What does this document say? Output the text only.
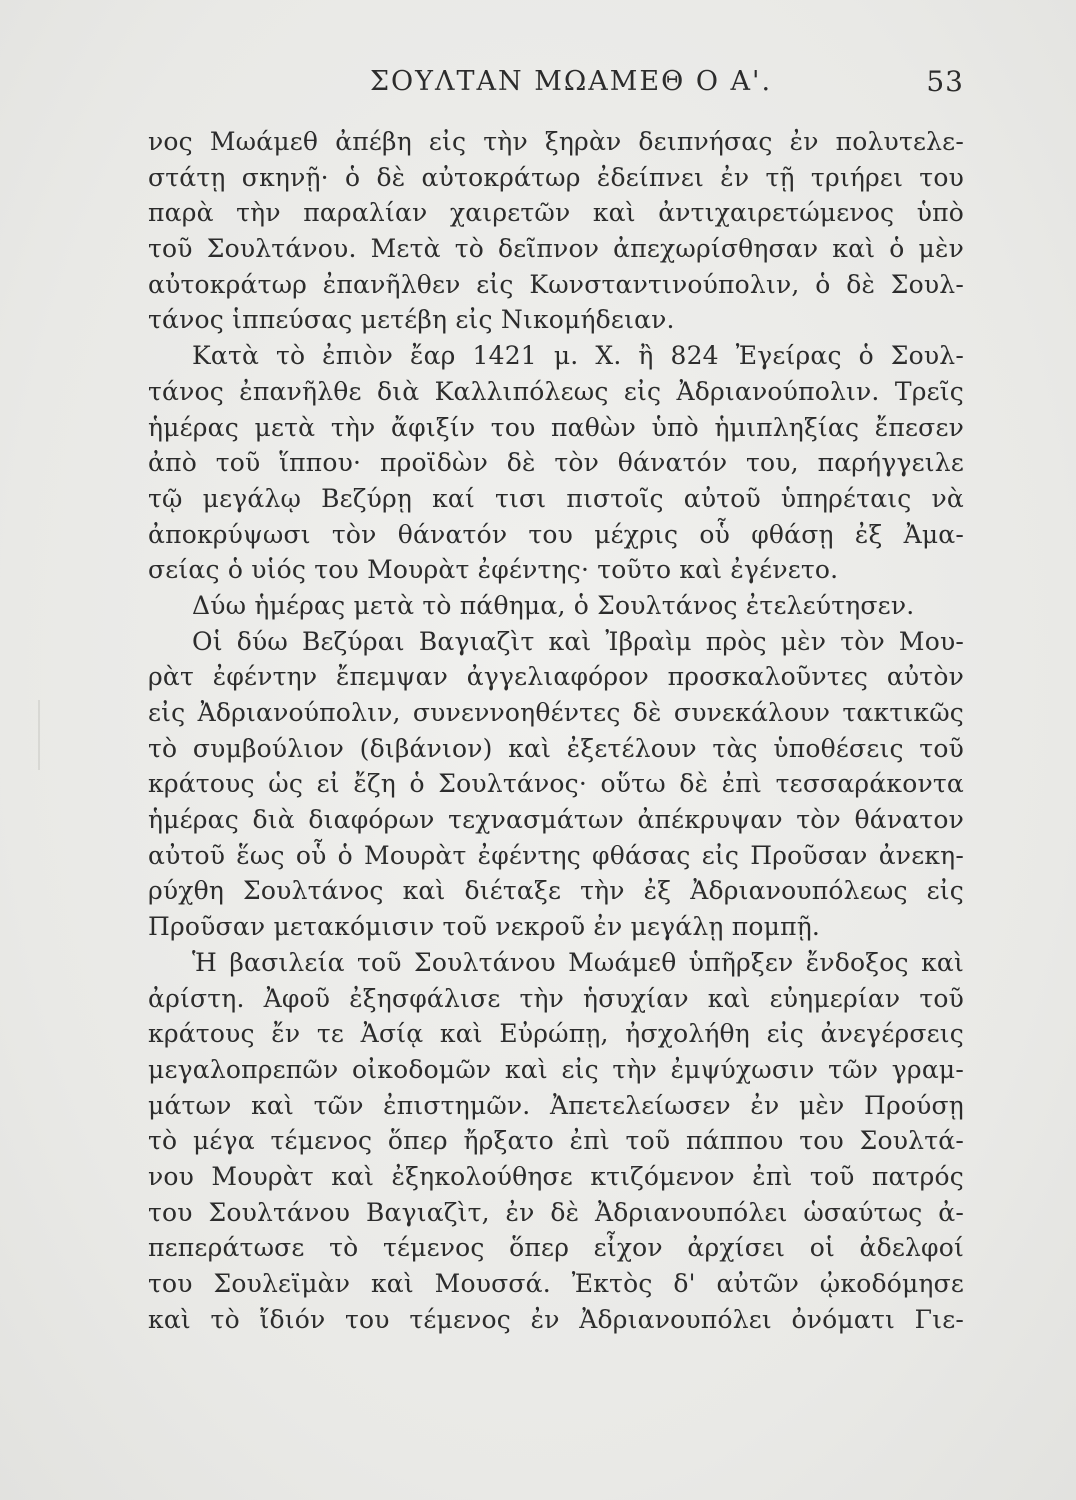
ΣΟΥΛΤΑΝ ΜΩΑΜΕΘ Ο Α'.	53
νος Μωάμεθ ἀπέβη εἰς τὴν ξηρὰν δειπνήσας ἐν πολυτελε-
στάτῃ σκηνῇ· ὁ δὲ αὐτοκράτωρ ἐδείπνει ἐν τῇ τριήρει του
παρὰ τὴν παραλίαν χαιρετῶν καὶ ἀντιχαιρετώμενος ὑπὸ
τοῦ Σουλτάνου. Μετὰ τὸ δεῖπνον ἀπεχωρίσθησαν καὶ ὁ μὲν
αὐτοκράτωρ ἐπανῆλθεν εἰς Κωνσταντινούπολιν, ὁ δὲ Σουλ-
τάνος ἱππεύσας μετέβη εἰς Νικομήδειαν.
Κατὰ τὸ ἐπιὸν ἔαρ 1421 μ. Χ. ἢ 824 Ἐγείρας ὁ Σουλ-
τάνος ἐπανῆλθε διὰ Καλλιπόλεως εἰς Ἀδριανούπολιν. Τρεῖς
ἡμέρας μετὰ τὴν ἄφιξίν του παθὼν ὑπὸ ἡμιπληξίας ἔπεσεν
ἀπὸ τοῦ ἵππου· προϊδὼν δὲ τὸν θάνατόν του, παρήγγειλε
τῷ μεγάλῳ Βεζύρῃ καί τισι πιστοῖς αὐτοῦ ὑπηρέταις νὰ
ἀποκρύψωσι τὸν θάνατόν του μέχρις οὗ φθάσῃ ἐξ Ἀμα-
σείας ὁ υἱός του Μουρὰτ ἐφέντης· τοῦτο καὶ ἐγένετο.
Δύω ἡμέρας μετὰ τὸ πάθημα, ὁ Σουλτάνος ἐτελεύτησεν.
Οἱ δύω Βεζύραι Βαγιαζὶτ καὶ Ἰβραὶμ πρὸς μὲν τὸν Μου-
ρὰτ ἐφέντην ἔπεμψαν ἀγγελιαφόρον προσκαλοῦντες αὐτὸν
εἰς Ἀδριανούπολιν, συνεννοηθέντες δὲ συνεκάλουν τακτικῶς
τὸ συμβούλιον (διβάνιον) καὶ ἐξετέλουν τὰς ὑποθέσεις τοῦ
κράτους ὡς εἰ ἔζη ὁ Σουλτάνος· οὕτω δὲ ἐπὶ τεσσαράκοντα
ἡμέρας διὰ διαφόρων τεχνασμάτων ἀπέκρυψαν τὸν θάνατον
αὐτοῦ ἕως οὗ ὁ Μουρὰτ ἐφέντης φθάσας εἰς Προῦσαν ἀνεκη-
ρύχθη Σουλτάνος καὶ διέταξε τὴν ἐξ Ἀδριανουπόλεως εἰς
Προῦσαν μετακόμισιν τοῦ νεκροῦ ἐν μεγάλῃ πομπῇ.
Ἡ βασιλεία τοῦ Σουλτάνου Μωάμεθ ὑπῆρξεν ἔνδοξος καὶ
ἀρίστη. Ἀφοῦ ἐξησφάλισε τὴν ἡσυχίαν καὶ εὐημερίαν τοῦ
κράτους ἔν τε Ἀσίᾳ καὶ Εὐρώπῃ, ἠσχολήθη εἰς ἀνεγέρσεις
μεγαλοπρεπῶν οἰκοδομῶν καὶ εἰς τὴν ἐμψύχωσιν τῶν γραμ-
μάτων καὶ τῶν ἐπιστημῶν. Ἀπετελείωσεν ἐν μὲν Προύσῃ
τὸ μέγα τέμενος ὅπερ ἤρξατο ἐπὶ τοῦ πάππου του Σουλτά-
νου Μουρὰτ καὶ ἐξηκολούθησε κτιζόμενον ἐπὶ τοῦ πατρός
του Σουλτάνου Βαγιαζὶτ, ἐν δὲ Ἀδριανουπόλει ὡσαύτως ἀ-
πεπεράτωσε τὸ τέμενος ὅπερ εἶχον ἀρχίσει οἱ ἀδελφοί
του Σουλεϊμὰν καὶ Μουσσά. Ἐκτὸς δ' αὐτῶν ᾠκοδόμησε
καὶ τὸ ἴδιόν του τέμενος ἐν Ἀδριανουπόλει ὀνόματι Γιε-
